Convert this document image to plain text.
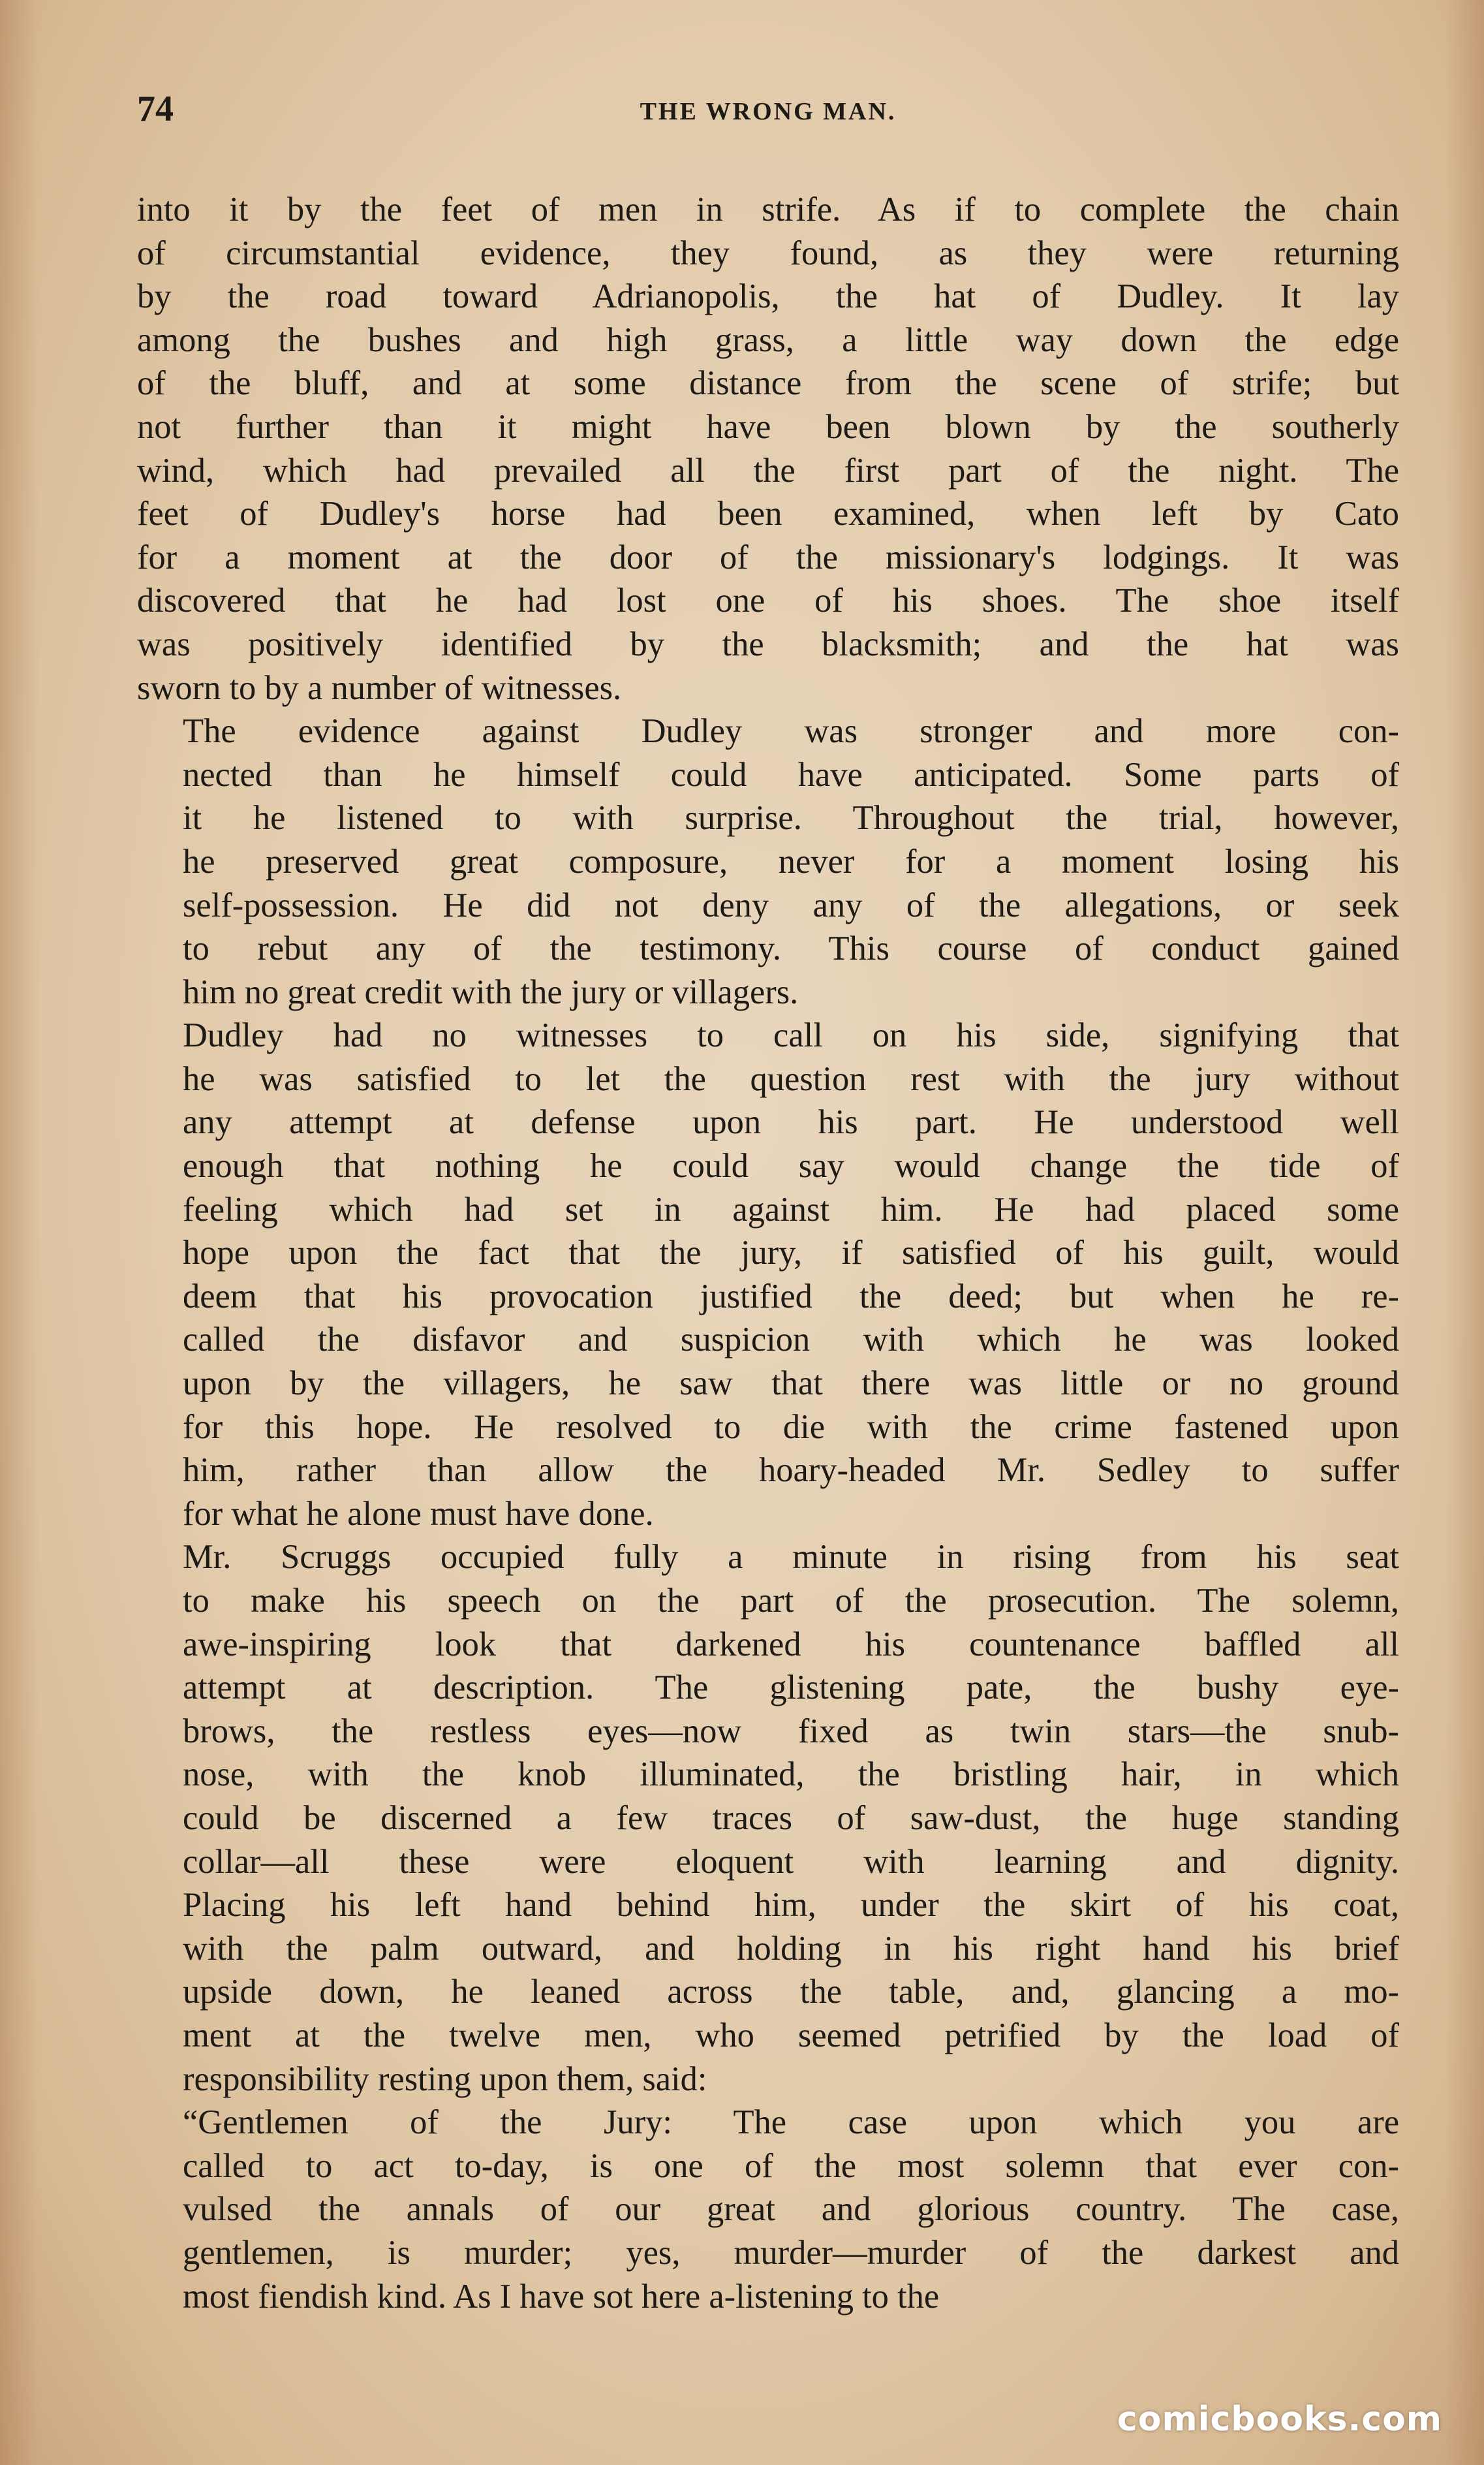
74	THE WRONG MAN.
into it by the feet of men in strife. As if to complete the chain
of circumstantial evidence, they found, as they were returning
by the road toward Adrianopolis, the hat of Dudley. It lay
among the bushes and high grass, a little way down the edge
of the bluff, and at some distance from the scene of strife; but
not further than it might have been blown by the southerly
wind, which had prevailed all the first part of the night. The
feet of Dudley's horse had been examined, when left by Cato
for a moment at the door of the missionary's lodgings. It was
discovered that he had lost one of his shoes. The shoe itself
was positively identified by the blacksmith; and the hat was
sworn to by a number of witnesses.
The evidence against Dudley was stronger and more con-
nected than he himself could have anticipated. Some parts of
it he listened to with surprise. Throughout the trial, however,
he preserved great composure, never for a moment losing his
self-possession. He did not deny any of the allegations, or seek
to rebut any of the testimony. This course of conduct gained
him no great credit with the jury or villagers.
Dudley had no witnesses to call on his side, signifying that
he was satisfied to let the question rest with the jury without
any attempt at defense upon his part. He understood well
enough that nothing he could say would change the tide of
feeling which had set in against him. He had placed some
hope upon the fact that the jury, if satisfied of his guilt, would
deem that his provocation justified the deed; but when he re-
called the disfavor and suspicion with which he was looked
upon by the villagers, he saw that there was little or no ground
for this hope. He resolved to die with the crime fastened upon
him, rather than allow the hoary-headed Mr. Sedley to suffer
for what he alone must have done.
Mr. Scruggs occupied fully a minute in rising from his seat
to make his speech on the part of the prosecution. The solemn,
awe-inspiring look that darkened his countenance baffled all
attempt at description. The glistening pate, the bushy eye-
brows, the restless eyes—now fixed as twin stars—the snub-
nose, with the knob illuminated, the bristling hair, in which
could be discerned a few traces of saw-dust, the huge standing
collar—all these were eloquent with learning and dignity.
Placing his left hand behind him, under the skirt of his coat,
with the palm outward, and holding in his right hand his brief
upside down, he leaned across the table, and, glancing a mo-
ment at the twelve men, who seemed petrified by the load of
responsibility resting upon them, said:
“Gentlemen of the Jury: The case upon which you are
called to act to-day, is one of the most solemn that ever con-
vulsed the annals of our great and glorious country. The case,
gentlemen, is murder; yes, murder—murder of the darkest and
most fiendish kind. As I have sot here a-listening to the
comicbooks.com
